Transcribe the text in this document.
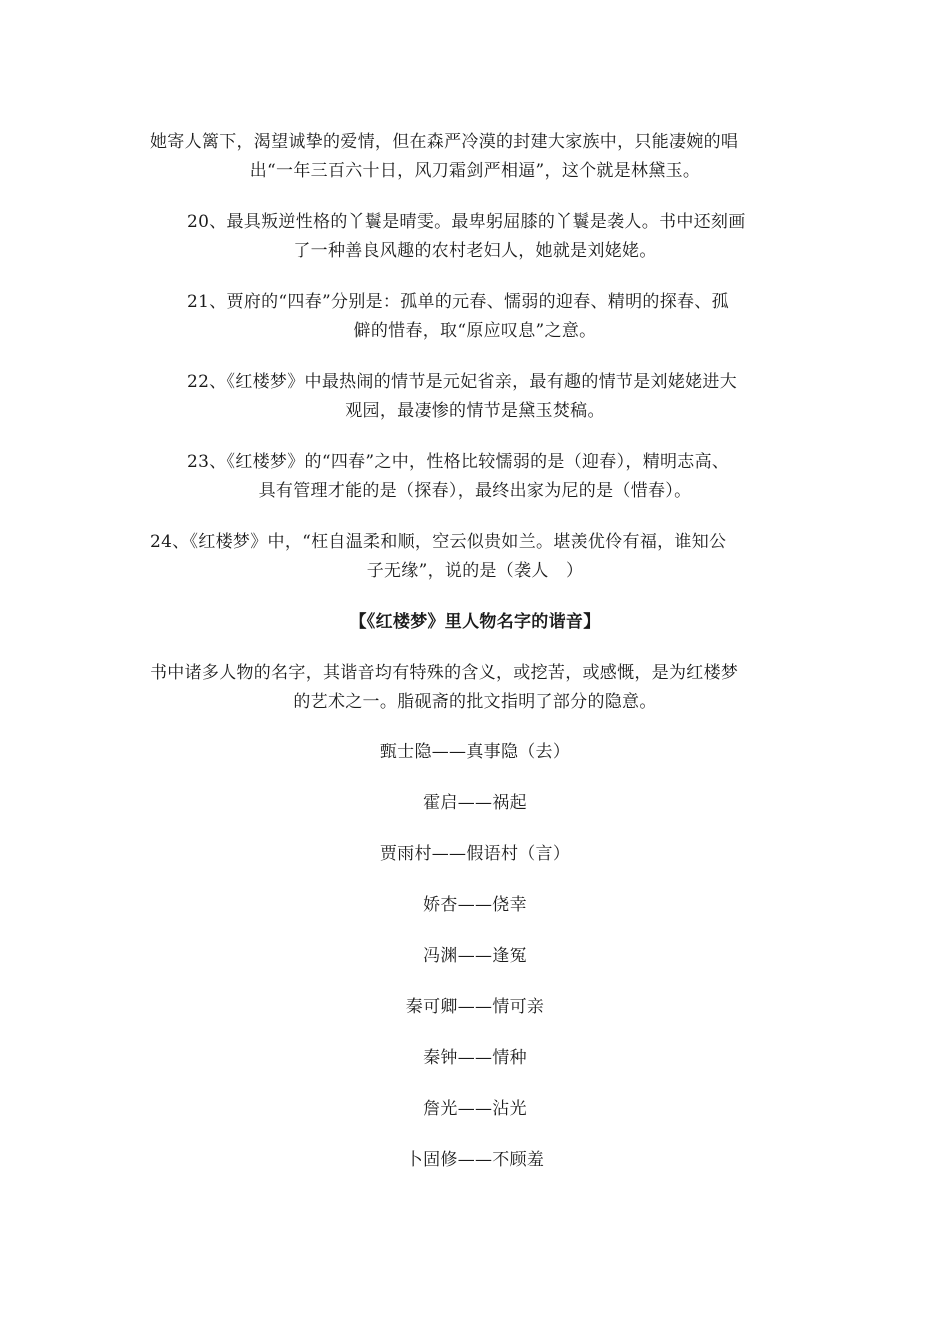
她寄人篱下，渴望诚挚的爱情，但在森严冷漠的封建大家族中，只能凄婉的唱
出“一年三百六十日，风刀霜剑严相逼”，这个就是林黛玉。
20、最具叛逆性格的丫鬟是晴雯。最卑躬屈膝的丫鬟是袭人。书中还刻画
了一种善良风趣的农村老妇人，她就是刘姥姥。
21、贾府的“四春”分别是：孤单的元春、懦弱的迎春、精明的探春、孤
僻的惜春，取“原应叹息”之意。
22、《红楼梦》中最热闹的情节是元妃省亲，最有趣的情节是刘姥姥进大
观园，最凄惨的情节是黛玉焚稿。
23、《红楼梦》的“四春”之中，性格比较懦弱的是（迎春），精明志高、
具有管理才能的是（探春），最终出家为尼的是（惜春）。
24、《红楼梦》中，“枉自温柔和顺，空云似贵如兰。堪羡优伶有福，谁知公
子无缘”，说的是（袭人　）
【《红楼梦》里人物名字的谐音】
书中诸多人物的名字，其谐音均有特殊的含义，或挖苦，或感慨，是为红楼梦
的艺术之一。脂砚斋的批文指明了部分的隐意。
甄士隐——真事隐（去）
霍启——祸起
贾雨村——假语村（言）
娇杏——侥幸
冯渊——逢冤
秦可卿——情可亲
秦钟——情种
詹光——沾光
卜固修——不顾羞
